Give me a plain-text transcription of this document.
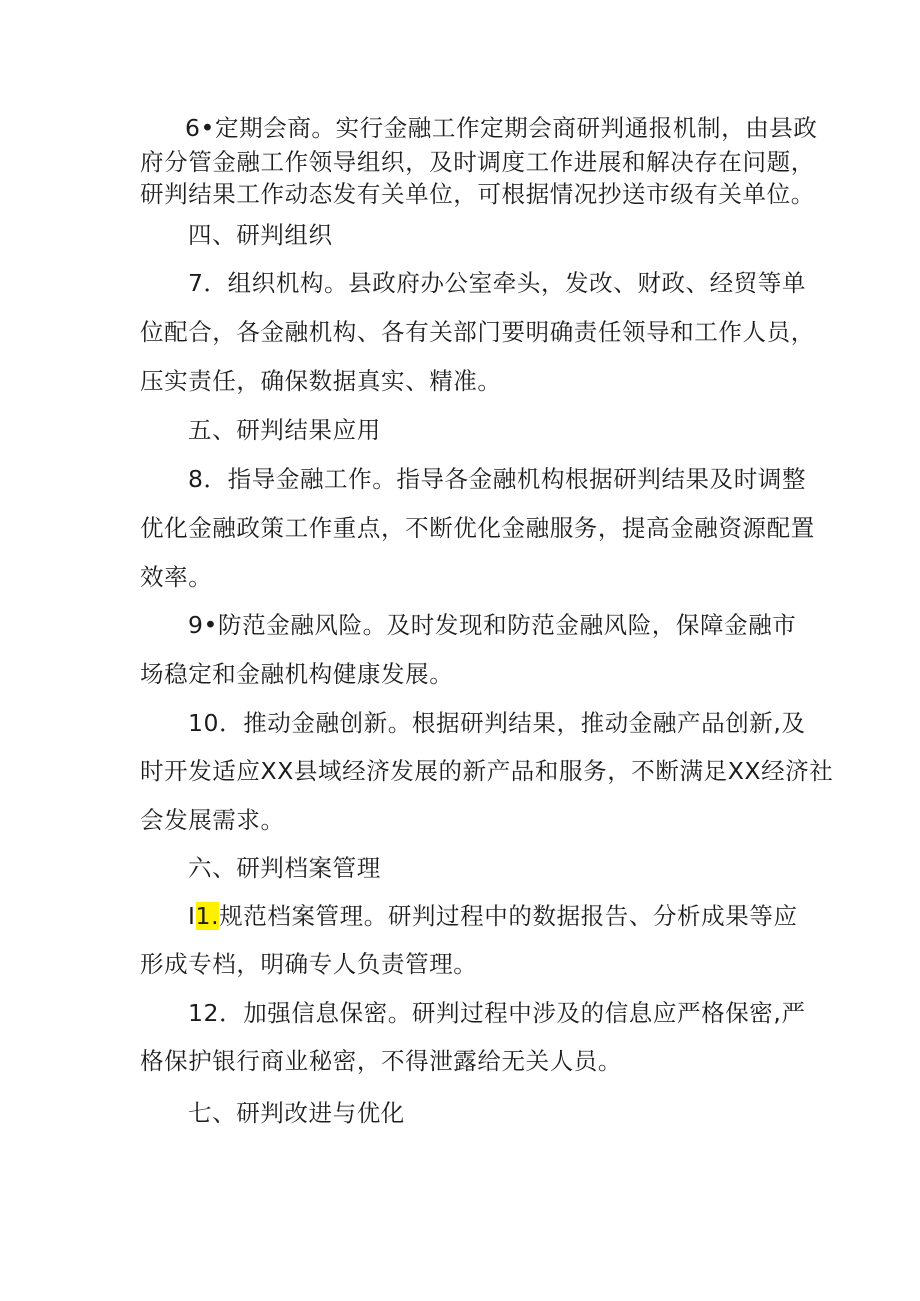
6•定期会商。实行金融工作定期会商研判通报机制，由县政
府分管金融工作领导组织，及时调度工作进展和解决存在问题，
研判结果工作动态发有关单位，可根据情况抄送市级有关单位。
四、研判组织
7．组织机构。县政府办公室牵头，发改、财政、经贸等单
位配合，各金融机构、各有关部门要明确责任领导和工作人员，
压实责任，确保数据真实、精准。
五、研判结果应用
8．指导金融工作。指导各金融机构根据研判结果及时调整
优化金融政策工作重点，不断优化金融服务，提高金融资源配置
效率。
9•防范金融风险。及时发现和防范金融风险，保障金融市
场稳定和金融机构健康发展。
10．推动金融创新。根据研判结果，推动金融产品创新,及
时开发适应XX县域经济发展的新产品和服务，不断满足XX经济社
会发展需求。
六、研判档案管理
I1.规范档案管理。研判过程中的数据报告、分析成果等应
形成专档，明确专人负责管理。
12．加强信息保密。研判过程中涉及的信息应严格保密,严
格保护银行商业秘密，不得泄露给无关人员。
七、研判改进与优化
